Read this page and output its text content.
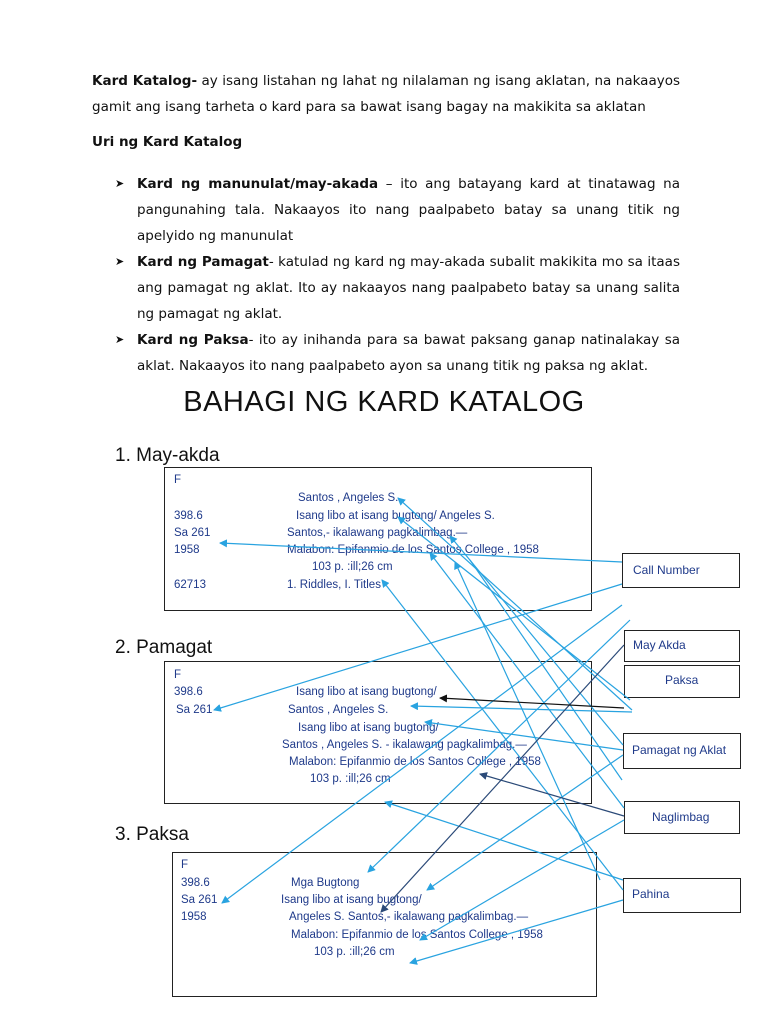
Kard Katalog- ay isang listahan ng lahat ng nilalaman ng isang aklatan, na nakaayos gamit ang isang tarheta o kard para sa bawat isang bagay na makikita sa aklatan
Uri ng Kard Katalog
➤ Kard ng manunulat/may-akada – ito ang batayang kard at tinatawag na pangunahing tala. Nakaayos ito nang paalpabeto batay sa unang titik ng apelyido ng manunulat
➤ Kard ng Pamagat- katulad ng kard ng may-akada subalit makikita mo sa itaas ang pamagat ng aklat. Ito ay nakaayos nang paalpabeto batay sa unang salita ng pamagat ng aklat.
➤ Kard ng Paksa- ito ay inihanda para sa bawat paksang ganap natinalakay sa aklat. Nakaayos ito nang paalpabeto ayon sa unang titik ng paksa ng aklat.
BAHAGI NG KARD KATALOG
1. May-akda
F
Santos , Angeles S.
398.6	Isang libo at isang bugtong/ Angeles S.
Sa 261	Santos,- ikalawang pagkalimbag.—
1958	Malabon: Epifanmio de los Santos College , 1958
103 p. :ill;26 cm
62713	1. Riddles, I. Titles
2. Pamagat
F
398.6	Isang libo at isang bugtong/
Sa 261	Santos , Angeles S.
Isang libo at isang bugtong/
Santos , Angeles S. - ikalawang pagkalimbag.—
Malabon: Epifanmio de los Santos College , 1958
103 p. :ill;26 cm
3. Paksa
F
398.6	Mga Bugtong
Sa 261	Isang libo at isang bugtong/
1958	Angeles S. Santos,- ikalawang pagkalimbag.—
Malabon: Epifanmio de los Santos College , 1958
103 p. :ill;26 cm
Call Number
May Akda
Paksa
Pamagat ng Aklat
Naglimbag
Pahina
